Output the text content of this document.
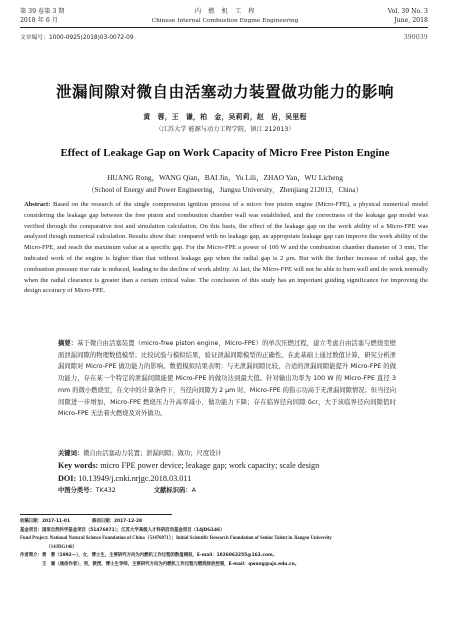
第 39 卷第 3 期
2018 年 6 月
内　燃　机　工　程
Chinese Internal Combustion Engine Engineering
Vol. 39 No. 3
June, 2018
文章编号：1000-0925(2018)03-0072-09	390039
泄漏间隙对微自由活塞动力装置做功能力的影响
黄　蓉，王　谦，柏　金，吴莉莉，赵　岩，吴里程
（江苏大学 能源与动力工程学院，镇江 212013）
Effect of Leakage Gap on Work Capacity of Micro Free Piston Engine
HUANG Rong，WANG Qian，BAI Jin，Yu Lili，ZHAO Yan，WU Licheng
（School of Energy and Power Engineering，Jiangsu University，Zhenjiang 212013，China）
Abstract: Based on the research of the single compression ignition process of a micro free piston engine (Micro-FPE), a physical numerical model considering the leakage gap between the free piston and combustion chamber wall was established, and the correctness of the leakage gap model was verified through the comparative test and simulation calculation. On this basis, the effect of the leakage gap on the work ability of a Micro-FPE was analyzed though numerical calculation. Results show that: compared with no leakage gap, an appropriate leakage gap can improve the work ability of the Micro-FPE, and reach the maximum value at a specific gap. For the Micro-FPE a power of 100 W and the combustion chamber diameter of 3 mm, The indicated work of the engine is higher than that without leakage gap when the radial gap is 2 μm. But with the further increase of radial gap, the combustion pressure rise rate is reduced, leading to the decline of work ability. At last, the Micro-FPE will not be able to burn well and do work normally when the radial clearance is greater than a certain critical value. The conclusion of this study has an important guiding significance for improving the design accuracy of Micro-FPE.
摘要：基于微自由活塞装置（micro-free piston engine，Micro-FPE）的单次压燃过程，建立考虑自由活塞与燃烧室壁面泄漏间隙的物理数值模型；比较试验与模拟结果，验证泄漏间隙模型的正确性。在此基础上通过数值计算，研究分析泄漏间隙对 Micro-FPE 做功能力的影响。数值模拟结果表明：与无泄漏间隙比较，合适的泄漏间隙能提升 Micro-FPE 的做功能力，存在某一个特定的泄漏间隙能使 Micro-FPE 的做功达到最大值。针对输出功率为 100 W 的 Micro-FPE 直径 3 mm 的微小燃烧室，在文中的计算条件下，当径向间隙为 2 μm 时，Micro-FPE 的指示功高于无泄漏间隙情况；但当径向间隙进一步增加，Micro-FPE 燃烧压力升高率减小，做功能力下降；存在临界径向间隙 δcr，大于该临界径向间隙值时 Micro-FPE 无法着火燃烧及对外做功。
关键词：微自由活塞动力装置；泄漏间隙；做功；尺度设计
Key words: micro FPE power device; leakage gap; work capacity; scale design
DOI: 10.13949/j.cnki.nrjgc.2018.03.011
中图分类号：TK432	文献标识码：A
收稿日期：2017-11-01	修回日期：2017-12-28
基金项目：国家自然科学基金项目（51476071）；江苏大学高级人才科研启动基金项目（14JDG146）
Fund Project: National Natural Science Foundation of China（51476071）；Initial Scientific Research Foundation of Senior Talent in Jiangsu University
（14JDG146）
作者简介：黄　蓉（1992—），女，博士生，主要研究方向为内燃机工作过程的数值模拟，E-mail：1826062255@163.com。
王　谦（通信作者），男，教授，博士生导师，主要研究方向为内燃机工作过程与燃烧排放控制，E-mail：qwang@ujs.edu.cn。
